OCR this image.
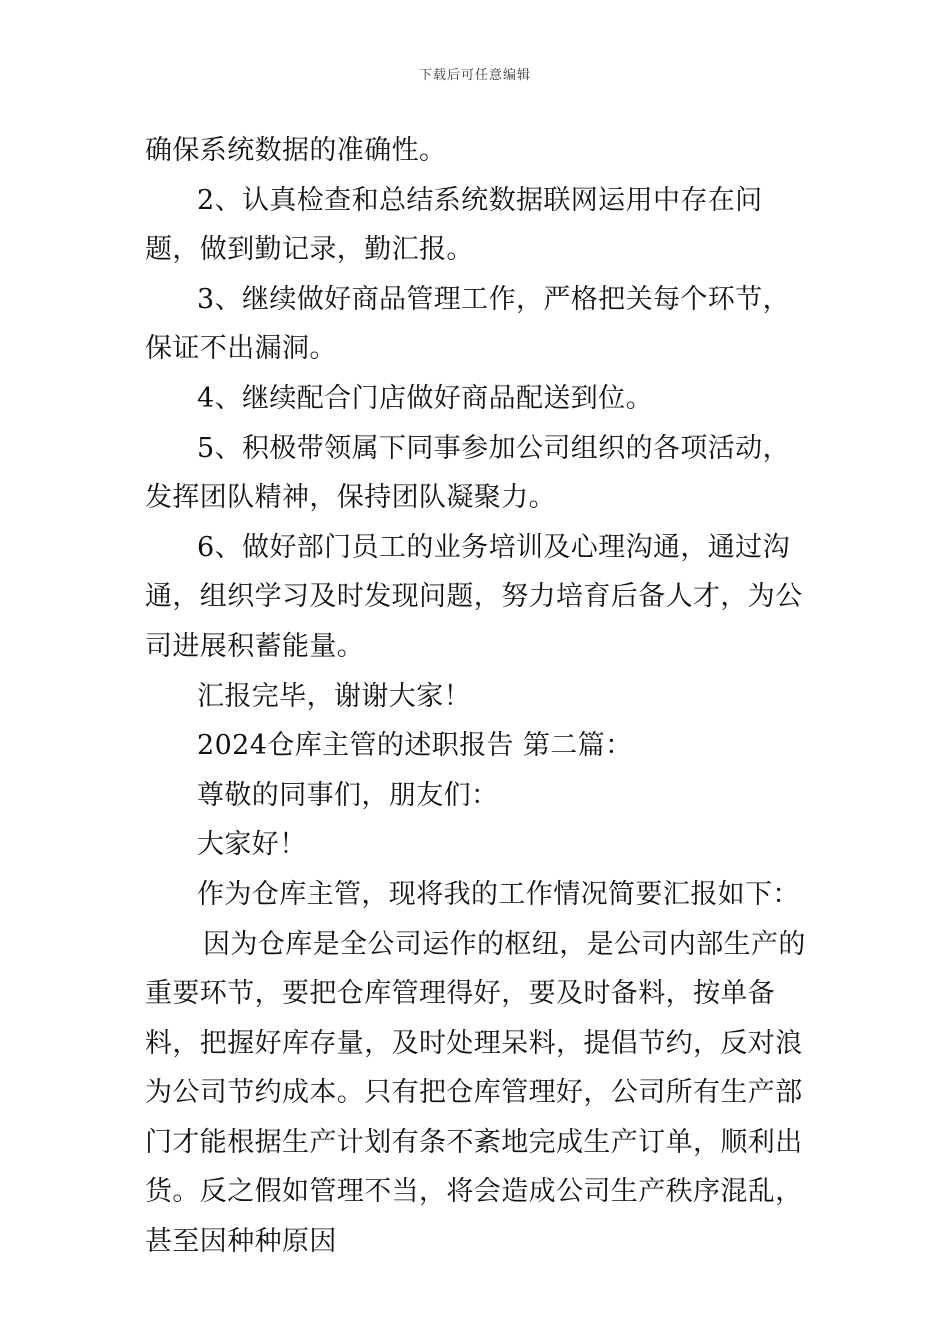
下载后可任意编辑

确保系统数据的准确性。

2、认真检查和总结系统数据联网运用中存在问题，做到勤记录，勤汇报。

3、继续做好商品管理工作，严格把关每个环节，保证不出漏洞。

4、继续配合门店做好商品配送到位。

5、积极带领属下同事参加公司组织的各项活动，发挥团队精神，保持团队凝聚力。

6、做好部门员工的业务培训及心理沟通，通过沟通，组织学习及时发现问题，努力培育后备人才，为公司进展积蓄能量。

汇报完毕，谢谢大家！

2024仓库主管的述职报告 第二篇：

尊敬的同事们，朋友们：

大家好！

作为仓库主管，现将我的工作情况简要汇报如下：

因为仓库是全公司运作的枢纽，是公司内部生产的重要环节，要把仓库管理得好，要及时备料，按单备料，把握好库存量，及时处理呆料，提倡节约，反对浪为公司节约成本。只有把仓库管理好，公司所有生产部门才能根据生产计划有条不紊地完成生产订单，顺利出货。反之假如管理不当，将会造成公司生产秩序混乱，甚至因种种原因
